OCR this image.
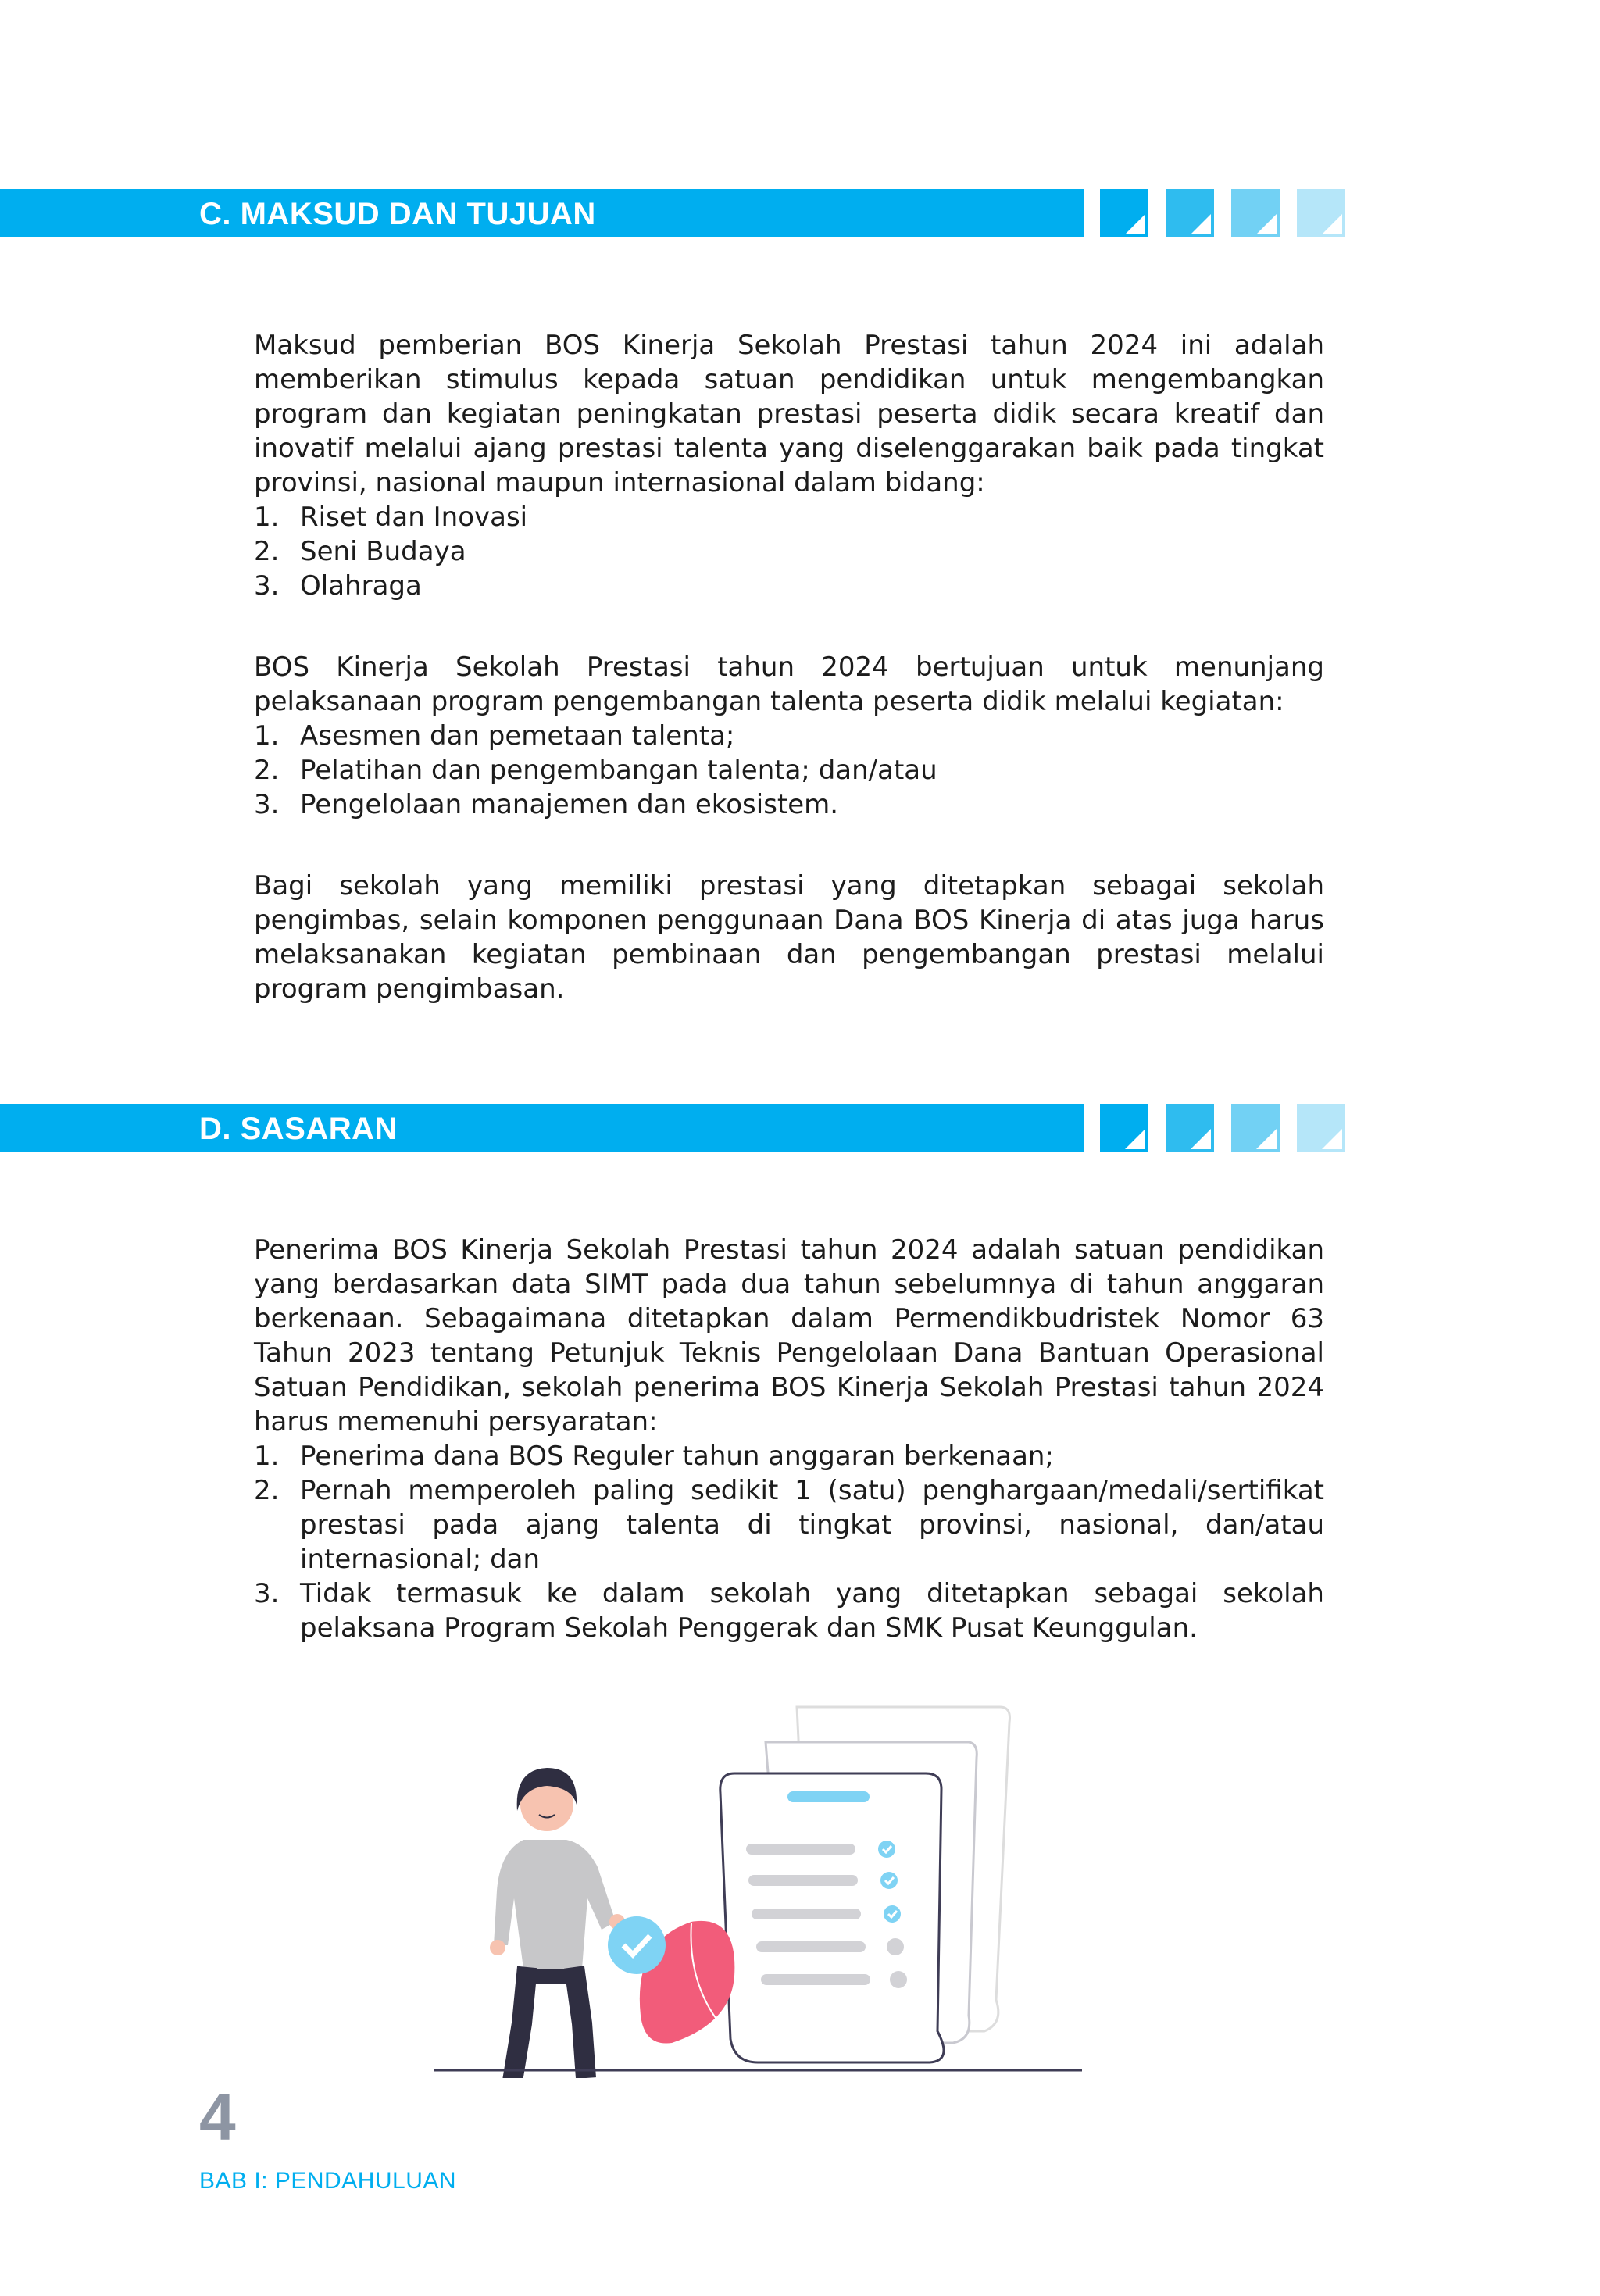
C. MAKSUD DAN TUJUAN

Maksud pemberian BOS Kinerja Sekolah Prestasi tahun 2024 ini adalah memberikan stimulus kepada satuan pendidikan untuk mengembangkan program dan kegiatan peningkatan prestasi peserta didik secara kreatif dan inovatif melalui ajang prestasi talenta yang diselenggarakan baik pada tingkat provinsi, nasional maupun internasional dalam bidang:

1. Riset dan Inovasi
2. Seni Budaya
3. Olahraga

BOS Kinerja Sekolah Prestasi tahun 2024 bertujuan untuk menunjang pelaksanaan program pengembangan talenta peserta didik melalui kegiatan:

1. Asesmen dan pemetaan talenta;
2. Pelatihan dan pengembangan talenta; dan/atau
3. Pengelolaan manajemen dan ekosistem.

Bagi sekolah yang memiliki prestasi yang ditetapkan sebagai sekolah pengimbas, selain komponen penggunaan Dana BOS Kinerja di atas juga harus melaksanakan kegiatan pembinaan dan pengembangan prestasi melalui program pengimbasan.

D. SASARAN

Penerima BOS Kinerja Sekolah Prestasi tahun 2024 adalah satuan pendidikan yang berdasarkan data SIMT pada dua tahun sebelumnya di tahun anggaran berkenaan. Sebagaimana ditetapkan dalam Permendikbudristek Nomor 63 Tahun 2023 tentang Petunjuk Teknis Pengelolaan Dana Bantuan Operasional Satuan Pendidikan, sekolah penerima BOS Kinerja Sekolah Prestasi tahun 2024 harus memenuhi persyaratan:

1. Penerima dana BOS Reguler tahun anggaran berkenaan;
2. Pernah memperoleh paling sedikit 1 (satu) penghargaan/medali/sertifikat prestasi pada ajang talenta di tingkat provinsi, nasional, dan/atau internasional; dan
3. Tidak termasuk ke dalam sekolah yang ditetapkan sebagai sekolah pelaksana Program Sekolah Penggerak dan SMK Pusat Keunggulan.

4

BAB I: PENDAHULUAN
